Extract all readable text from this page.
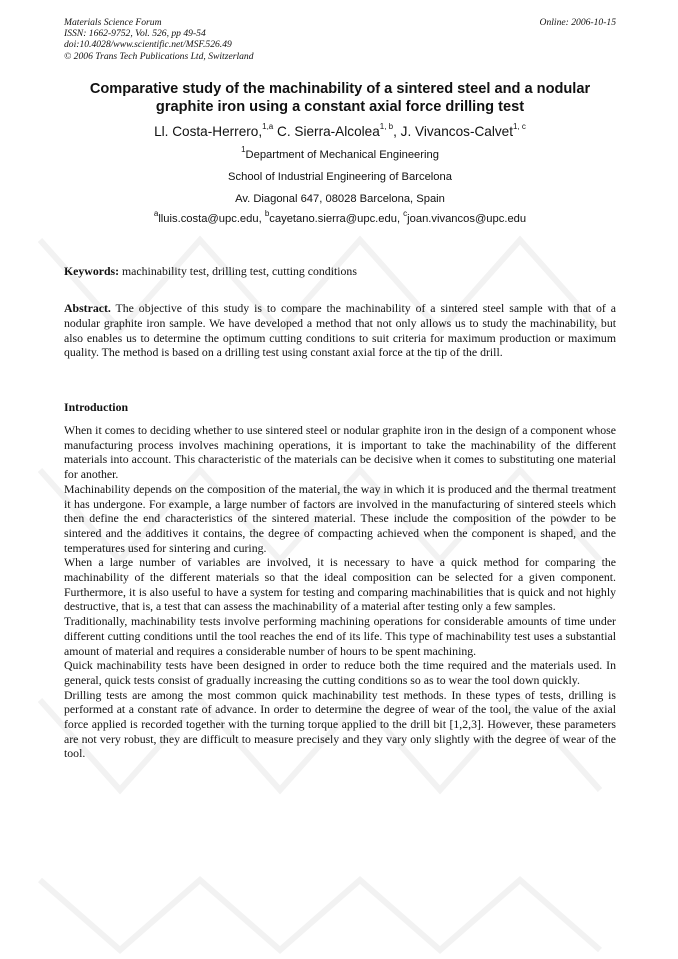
Materials Science Forum
ISSN: 1662-9752, Vol. 526, pp 49-54
doi:10.4028/www.scientific.net/MSF.526.49
© 2006 Trans Tech Publications Ltd, Switzerland
Online: 2006-10-15
Comparative study of the machinability of a sintered steel and a nodular
graphite iron using a constant axial force drilling test
Ll. Costa-Herrero,$^{1,a}$ C. Sierra-Alcolea$^{1, b}$, J. Vivancos-Calvet$^{1, c}$
$^1$Department of Mechanical Engineering
School of Industrial Engineering of Barcelona
Av. Diagonal 647, 08028 Barcelona, Spain
$^a$lluis.costa@upc.edu, $^b$cayetano.sierra@upc.edu, $^c$joan.vivancos@upc.edu
Keywords: machinability test, drilling test, cutting conditions
Abstract. The objective of this study is to compare the machinability of a sintered steel sample with that of a nodular graphite iron sample. We have developed a method that not only allows us to study the machinability, but also enables us to determine the optimum cutting conditions to suit criteria for maximum production or maximum quality. The method is based on a drilling test using constant axial force at the tip of the drill.
Introduction

When it comes to deciding whether to use sintered steel or nodular graphite iron in the design of a component whose manufacturing process involves machining operations, it is important to take the machinability of the different materials into account. This characteristic of the materials can be decisive when it comes to substituting one material for another.

Machinability depends on the composition of the material, the way in which it is produced and the thermal treatment it has undergone. For example, a large number of factors are involved in the manufacturing of sintered steels which then define the end characteristics of the sintered material. These include the composition of the powder to be sintered and the additives it contains, the degree of compacting achieved when the component is shaped, and the temperatures used for sintering and curing.

When a large number of variables are involved, it is necessary to have a quick method for comparing the machinability of the different materials so that the ideal composition can be selected for a given component. Furthermore, it is also useful to have a system for testing and comparing machinabilities that is quick and not highly destructive, that is, a test that can assess the machinability of a material after testing only a few samples.

Traditionally, machinability tests involve performing machining operations for considerable amounts of time under different cutting conditions until the tool reaches the end of its life. This type of machinability test uses a substantial amount of material and requires a considerable number of hours to be spent machining.

Quick machinability tests have been designed in order to reduce both the time required and the materials used. In general, quick tests consist of gradually increasing the cutting conditions so as to wear the tool down quickly.

Drilling tests are among the most common quick machinability test methods. In these types of tests, drilling is performed at a constant rate of advance. In order to determine the degree of wear of the tool, the value of the axial force applied is recorded together with the turning torque applied to the drill bit [1,2,3]. However, these parameters are not very robust, they are difficult to measure precisely and they vary only slightly with the degree of wear of the tool.
